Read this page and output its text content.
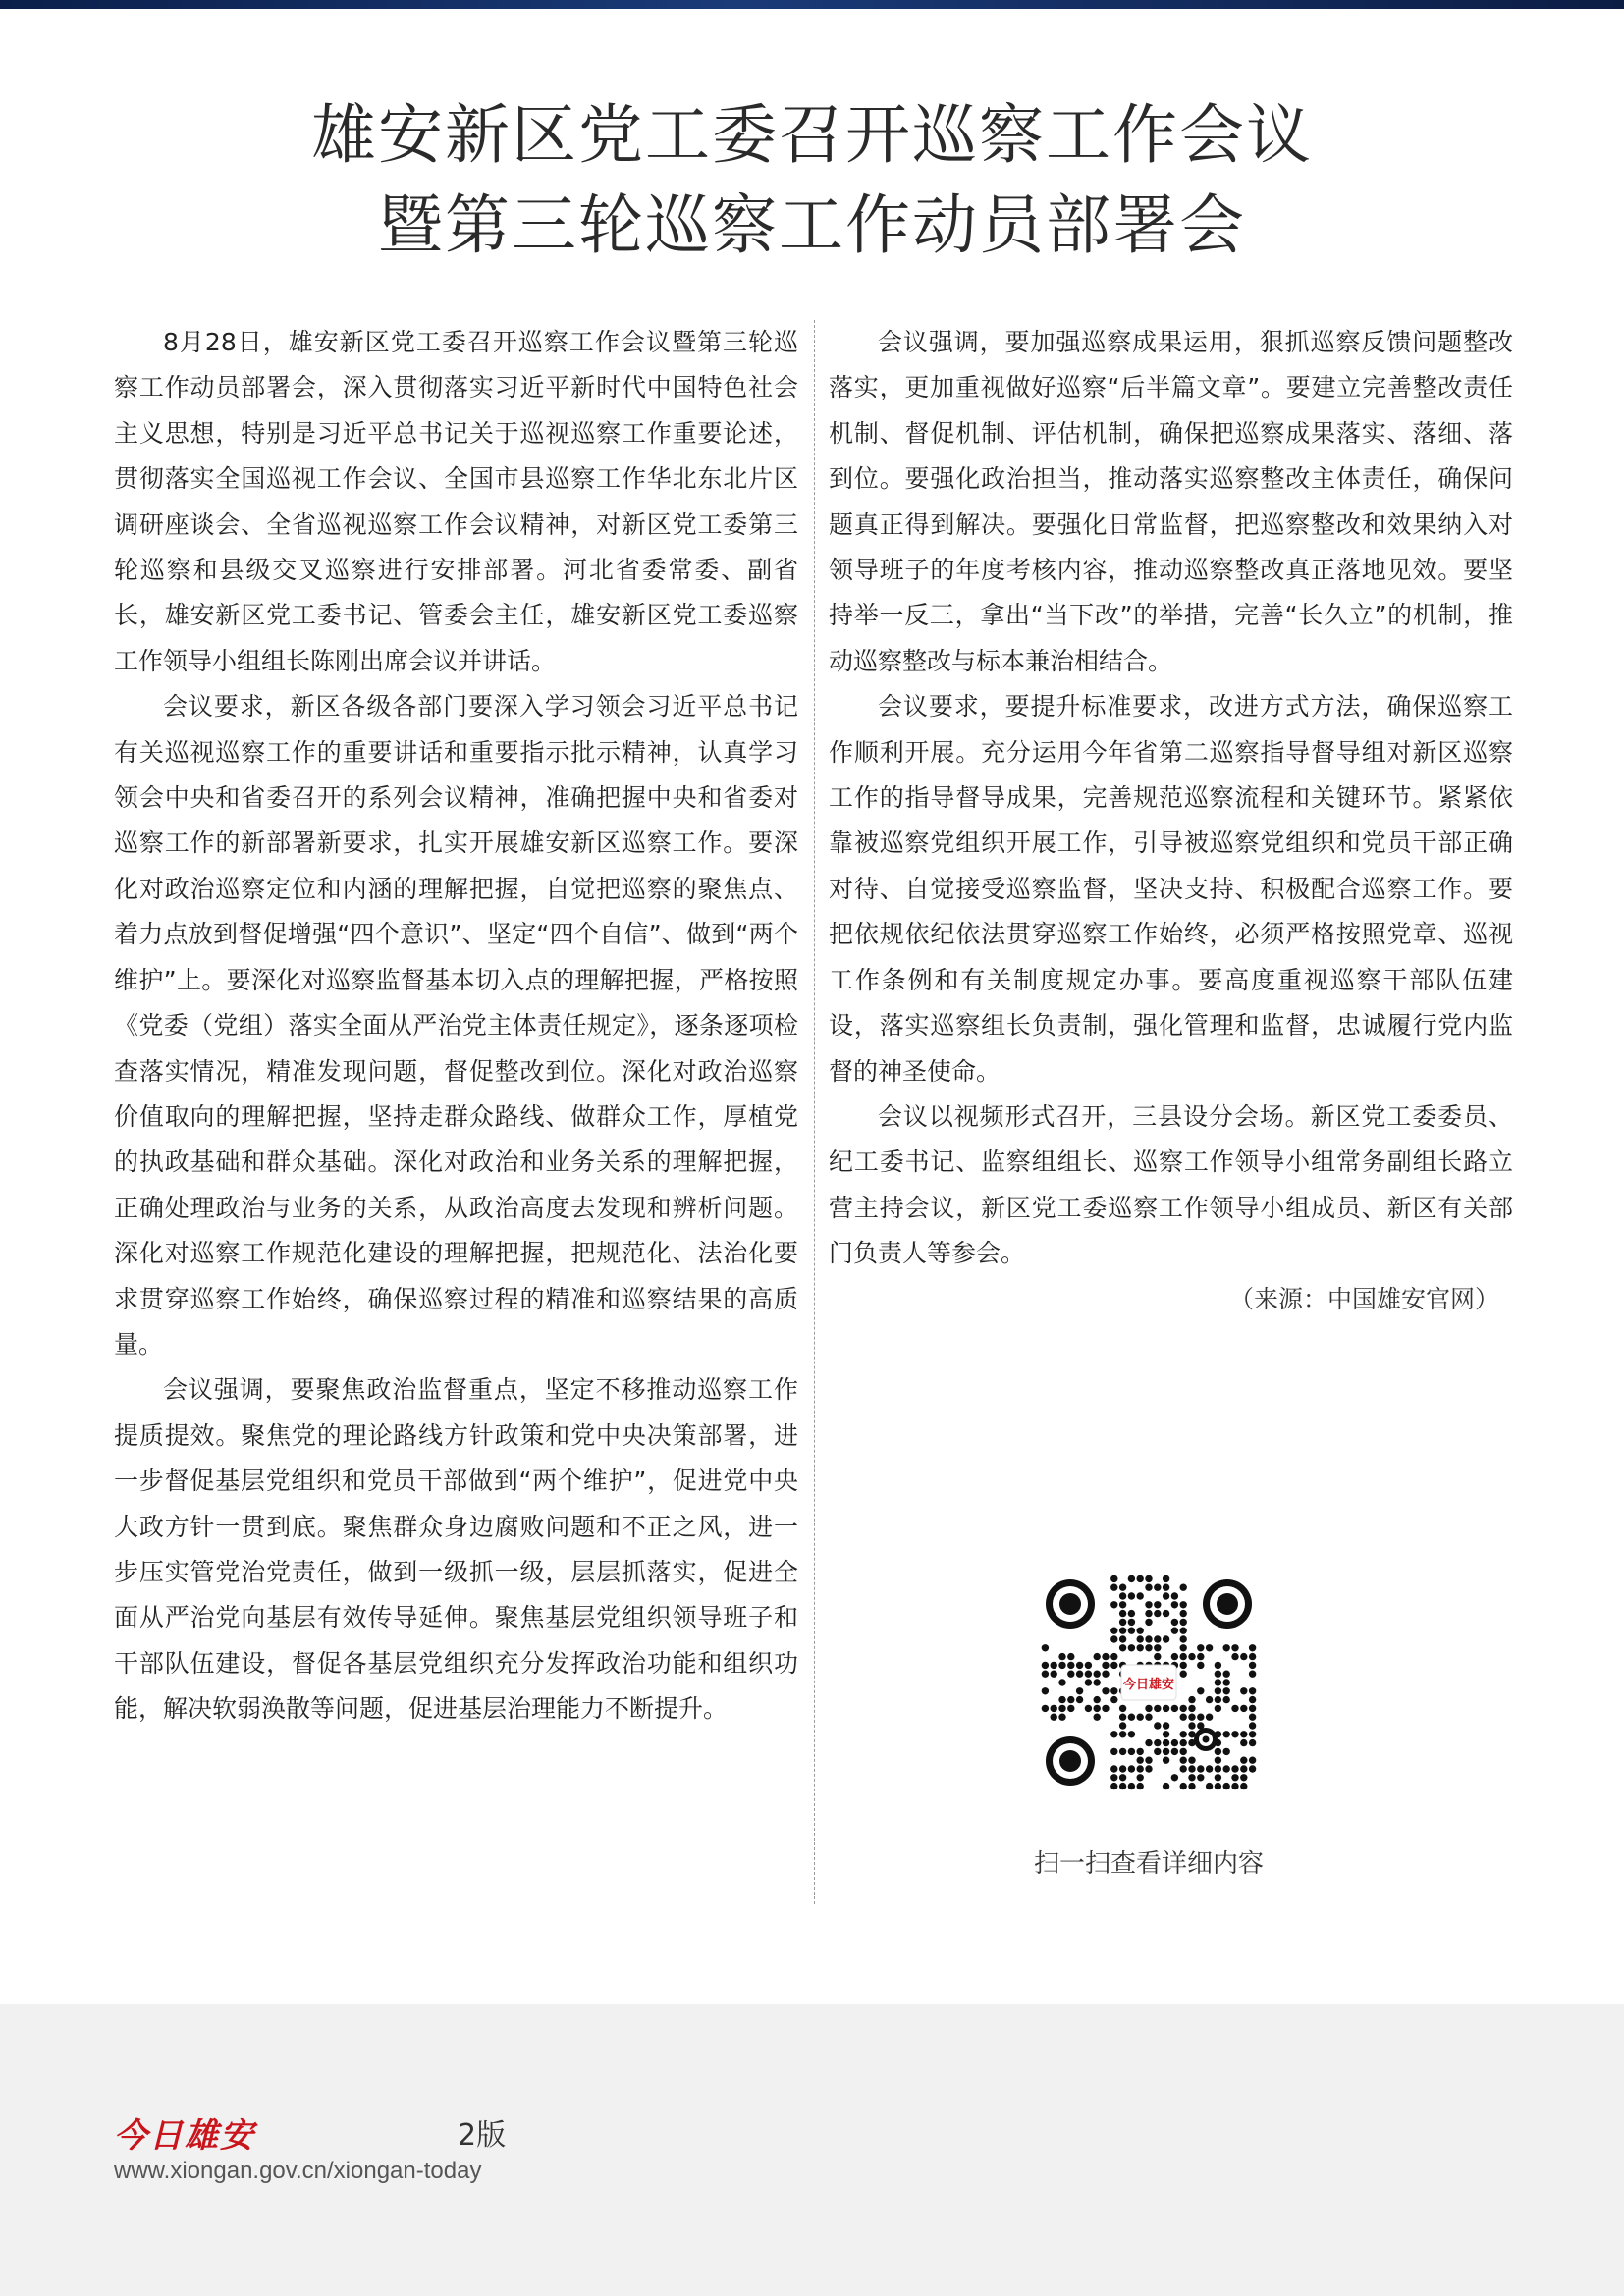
雄安新区党工委召开巡察工作会议
暨第三轮巡察工作动员部署会

8月28日，雄安新区党工委召开巡察工作会议暨第三轮巡察工作动员部署会，深入贯彻落实习近平新时代中国特色社会主义思想，特别是习近平总书记关于巡视巡察工作重要论述，贯彻落实全国巡视工作会议、全国市县巡察工作华北东北片区调研座谈会、全省巡视巡察工作会议精神，对新区党工委第三轮巡察和县级交叉巡察进行安排部署。河北省委常委、副省长，雄安新区党工委书记、管委会主任，雄安新区党工委巡察工作领导小组组长陈刚出席会议并讲话。

会议要求，新区各级各部门要深入学习领会习近平总书记有关巡视巡察工作的重要讲话和重要指示批示精神，认真学习领会中央和省委召开的系列会议精神，准确把握中央和省委对巡察工作的新部署新要求，扎实开展雄安新区巡察工作。要深化对政治巡察定位和内涵的理解把握，自觉把巡察的聚焦点、着力点放到督促增强“四个意识”、坚定“四个自信”、做到“两个维护”上。要深化对巡察监督基本切入点的理解把握，严格按照《党委（党组）落实全面从严治党主体责任规定》，逐条逐项检查落实情况，精准发现问题，督促整改到位。深化对政治巡察价值取向的理解把握，坚持走群众路线、做群众工作，厚植党的执政基础和群众基础。深化对政治和业务关系的理解把握，正确处理政治与业务的关系，从政治高度去发现和辨析问题。深化对巡察工作规范化建设的理解把握，把规范化、法治化要求贯穿巡察工作始终，确保巡察过程的精准和巡察结果的高质量。

会议强调，要聚焦政治监督重点，坚定不移推动巡察工作提质提效。聚焦党的理论路线方针政策和党中央决策部署，进一步督促基层党组织和党员干部做到“两个维护”，促进党中央大政方针一贯到底。聚焦群众身边腐败问题和不正之风，进一步压实管党治党责任，做到一级抓一级，层层抓落实，促进全面从严治党向基层有效传导延伸。聚焦基层党组织领导班子和干部队伍建设，督促各基层党组织充分发挥政治功能和组织功能，解决软弱涣散等问题，促进基层治理能力不断提升。

会议强调，要加强巡察成果运用，狠抓巡察反馈问题整改落实，更加重视做好巡察“后半篇文章”。要建立完善整改责任机制、督促机制、评估机制，确保把巡察成果落实、落细、落到位。要强化政治担当，推动落实巡察整改主体责任，确保问题真正得到解决。要强化日常监督，把巡察整改和效果纳入对领导班子的年度考核内容，推动巡察整改真正落地见效。要坚持举一反三，拿出“当下改”的举措，完善“长久立”的机制，推动巡察整改与标本兼治相结合。

会议要求，要提升标准要求，改进方式方法，确保巡察工作顺利开展。充分运用今年省第二巡察指导督导组对新区巡察工作的指导督导成果，完善规范巡察流程和关键环节。紧紧依靠被巡察党组织开展工作，引导被巡察党组织和党员干部正确对待、自觉接受巡察监督，坚决支持、积极配合巡察工作。要把依规依纪依法贯穿巡察工作始终，必须严格按照党章、巡视工作条例和有关制度规定办事。要高度重视巡察干部队伍建设，落实巡察组长负责制，强化管理和监督，忠诚履行党内监督的神圣使命。

会议以视频形式召开，三县设分会场。新区党工委委员、纪工委书记、监察组组长、巡察工作领导小组常务副组长路立营主持会议，新区党工委巡察工作领导小组成员、新区有关部门负责人等参会。

（来源：中国雄安官网）
今日雄安
扫一扫查看详细内容
今日雄安	2版
www.xiongan.gov.cn/xiongan-today
